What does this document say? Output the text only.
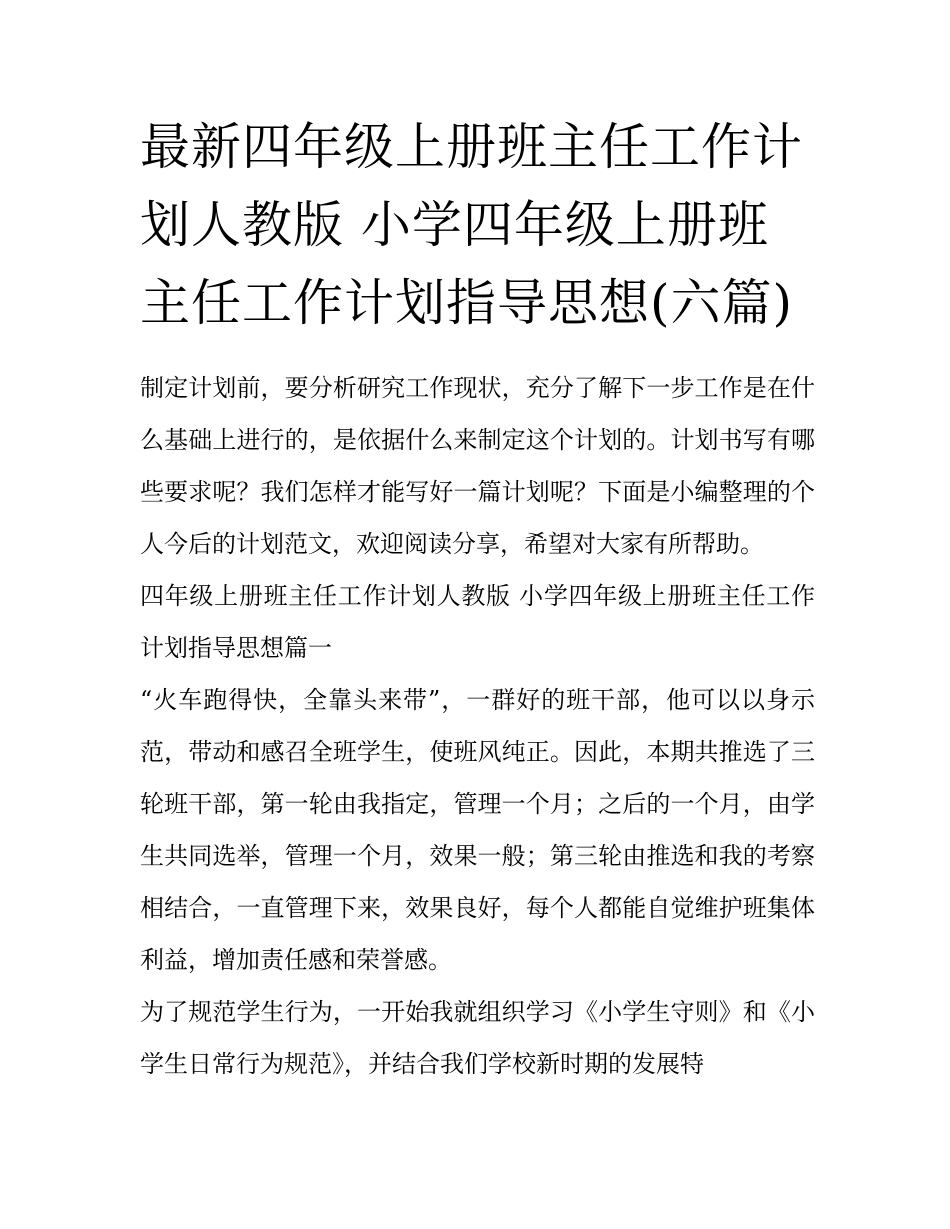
最新四年级上册班主任工作计划人教版 小学四年级上册班主任工作计划指导思想(六篇)

制定计划前，要分析研究工作现状，充分了解下一步工作是在什么基础上进行的，是依据什么来制定这个计划的。计划书写有哪些要求呢？我们怎样才能写好一篇计划呢？下面是小编整理的个人今后的计划范文，欢迎阅读分享，希望对大家有所帮助。

四年级上册班主任工作计划人教版 小学四年级上册班主任工作计划指导思想篇一

“火车跑得快，全靠头来带”，一群好的班干部，他可以以身示范，带动和感召全班学生，使班风纯正。因此，本期共推选了三轮班干部，第一轮由我指定，管理一个月；之后的一个月，由学生共同选举，管理一个月，效果一般；第三轮由推选和我的考察相结合，一直管理下来，效果良好，每个人都能自觉维护班集体利益，增加责任感和荣誉感。

为了规范学生行为，一开始我就组织学习《小学生守则》和《小学生日常行为规范》，并结合我们学校新时期的发展特
